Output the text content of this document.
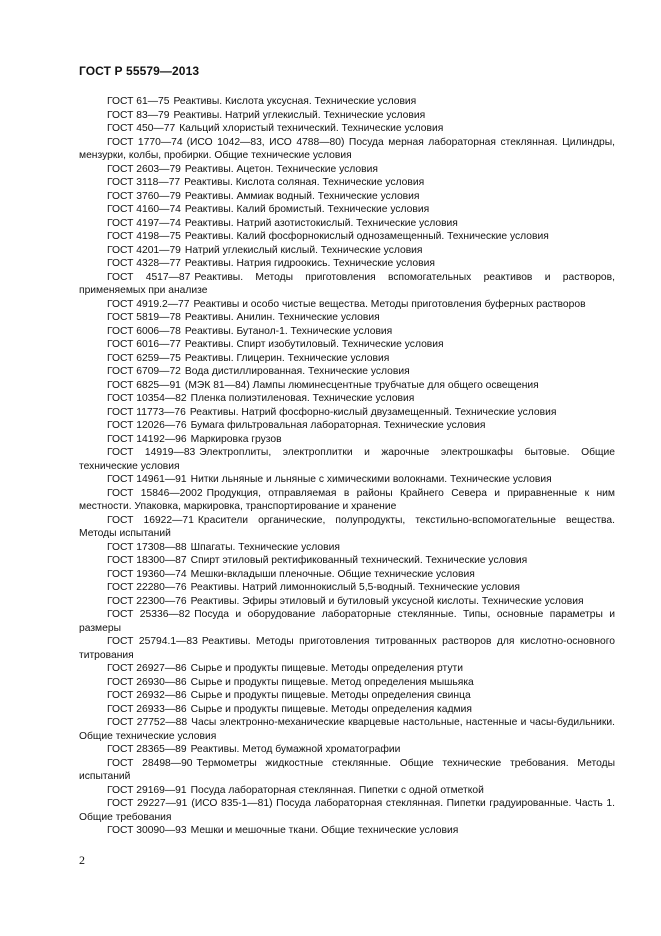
ГОСТ Р 55579—2013

ГОСТ 61—75 Реактивы. Кислота уксусная. Технические условия

ГОСТ 83—79 Реактивы. Натрий углекислый. Технические условия

ГОСТ 450—77 Кальций хлористый технический. Технические условия

ГОСТ 1770—74 (ИСО 1042—83, ИСО 4788—80) Посуда мерная лабораторная стеклянная. Цилиндры, мензурки, колбы, пробирки. Общие технические условия

ГОСТ 2603—79 Реактивы. Ацетон. Технические условия

ГОСТ 3118—77 Реактивы. Кислота соляная. Технические условия

ГОСТ 3760—79 Реактивы. Аммиак водный. Технические условия

ГОСТ 4160—74 Реактивы. Калий бромистый. Технические условия

ГОСТ 4197—74 Реактивы. Натрий азотистокислый. Технические условия

ГОСТ 4198—75 Реактивы. Калий фосфорнокислый однозамещенный. Технические условия

ГОСТ 4201—79 Натрий углекислый кислый. Технические условия

ГОСТ 4328—77 Реактивы. Натрия гидроокись. Технические условия

ГОСТ 4517—87 Реактивы. Методы приготовления вспомогательных реактивов и растворов, применяемых при анализе

ГОСТ 4919.2—77 Реактивы и особо чистые вещества. Методы приготовления буферных растворов

ГОСТ 5819—78 Реактивы. Анилин. Технические условия

ГОСТ 6006—78 Реактивы. Бутанол-1. Технические условия

ГОСТ 6016—77 Реактивы. Спирт изобутиловый. Технические условия

ГОСТ 6259—75 Реактивы. Глицерин. Технические условия

ГОСТ 6709—72 Вода дистиллированная. Технические условия

ГОСТ 6825—91 (МЭК 81—84) Лампы люминесцентные трубчатые для общего освещения

ГОСТ 10354—82 Пленка полиэтиленовая. Технические условия

ГОСТ 11773—76 Реактивы. Натрий фосфорно-кислый двузамещенный. Технические условия

ГОСТ 12026—76 Бумага фильтровальная лабораторная. Технические условия

ГОСТ 14192—96 Маркировка грузов

ГОСТ 14919—83 Электроплиты, электроплитки и жарочные электрошкафы бытовые. Общие технические условия

ГОСТ 14961—91 Нитки льняные и льняные с химическими волокнами. Технические условия

ГОСТ 15846—2002 Продукция, отправляемая в районы Крайнего Севера и приравненные к ним местности. Упаковка, маркировка, транспортирование и хранение

ГОСТ 16922—71 Красители органические, полупродукты, текстильно-вспомогательные вещества. Методы испытаний

ГОСТ 17308—88 Шпагаты. Технические условия

ГОСТ 18300—87 Спирт этиловый ректификованный технический. Технические условия

ГОСТ 19360—74 Мешки-вкладыши пленочные. Общие технические условия

ГОСТ 22280—76 Реактивы. Натрий лимоннокислый 5,5-водный. Технические условия

ГОСТ 22300—76 Реактивы. Эфиры этиловый и бутиловый уксусной кислоты. Технические условия

ГОСТ 25336—82 Посуда и оборудование лабораторные стеклянные. Типы, основные параметры и размеры

ГОСТ 25794.1—83 Реактивы. Методы приготовления титрованных растворов для кислотно-основного титрования

ГОСТ 26927—86 Сырье и продукты пищевые. Методы определения ртути

ГОСТ 26930—86 Сырье и продукты пищевые. Метод определения мышьяка

ГОСТ 26932—86 Сырье и продукты пищевые. Методы определения свинца

ГОСТ 26933—86 Сырье и продукты пищевые. Методы определения кадмия

ГОСТ 27752—88 Часы электронно-механические кварцевые настольные, настенные и часы-будильники. Общие технические условия

ГОСТ 28365—89 Реактивы. Метод бумажной хроматографии

ГОСТ 28498—90 Термометры жидкостные стеклянные. Общие технические требования. Методы испытаний

ГОСТ 29169—91 Посуда лабораторная стеклянная. Пипетки с одной отметкой

ГОСТ 29227—91 (ИСО 835-1—81) Посуда лабораторная стеклянная. Пипетки градуированные. Часть 1. Общие требования

ГОСТ 30090—93 Мешки и мешочные ткани. Общие технические условия

2
